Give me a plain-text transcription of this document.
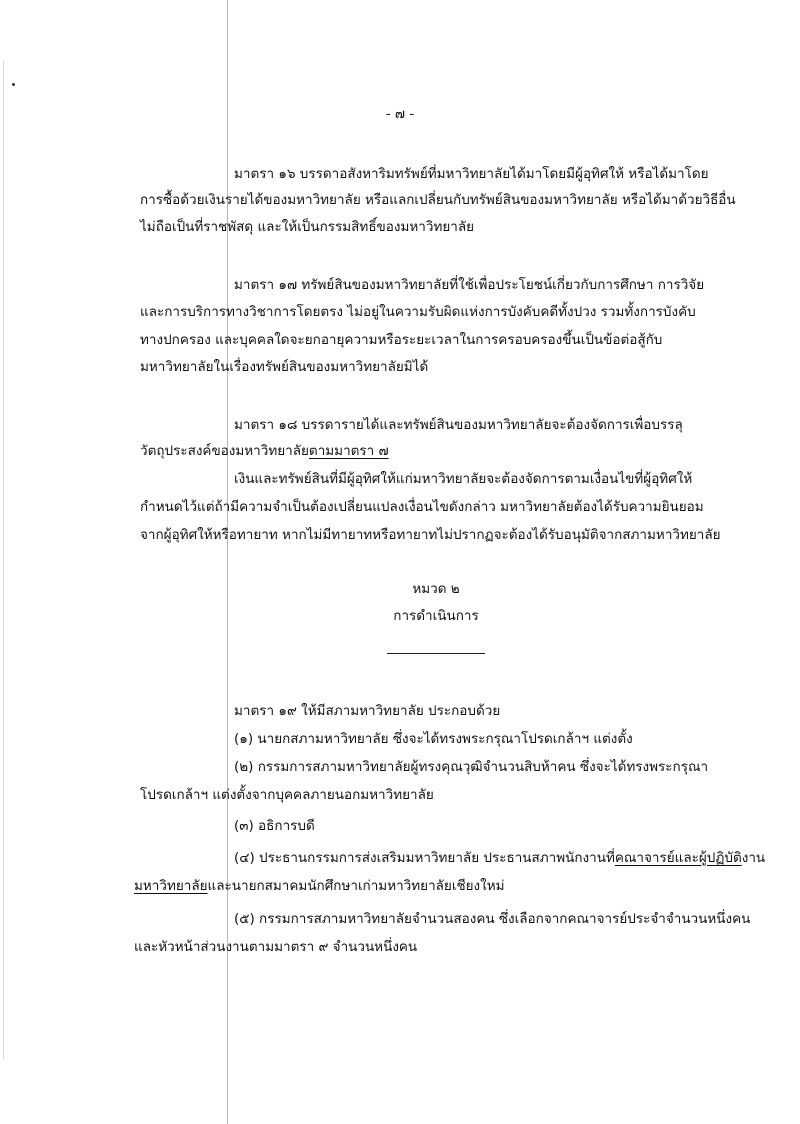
- ๗ -
มาตรา ๑๖ บรรดาอสังหาริมทรัพย์ที่มหาวิทยาลัยได้มาโดยมีผู้อุทิศให้ หรือได้มาโดย
การซื้อด้วยเงินรายได้ของมหาวิทยาลัย หรือแลกเปลี่ยนกับทรัพย์สินของมหาวิทยาลัย หรือได้มาด้วยวิธีอื่น
ไม่ถือเป็นที่ราชพัสดุ และให้เป็นกรรมสิทธิ์ของมหาวิทยาลัย
มาตรา ๑๗ ทรัพย์สินของมหาวิทยาลัยที่ใช้เพื่อประโยชน์เกี่ยวกับการศึกษา การวิจัย
และการบริการทางวิชาการโดยตรง ไม่อยู่ในความรับผิดแห่งการบังคับคดีทั้งปวง รวมทั้งการบังคับ
ทางปกครอง และบุคคลใดจะยกอายุความหรือระยะเวลาในการครอบครองขึ้นเป็นข้อต่อสู้กับ
มหาวิทยาลัยในเรื่องทรัพย์สินของมหาวิทยาลัยมิได้
มาตรา ๑๘ บรรดารายได้และทรัพย์สินของมหาวิทยาลัยจะต้องจัดการเพื่อบรรลุ
วัตถุประสงค์ของมหาวิทยาลัยตามมาตรา ๗
เงินและทรัพย์สินที่มีผู้อุทิศให้แก่มหาวิทยาลัยจะต้องจัดการตามเงื่อนไขที่ผู้อุทิศให้
กำหนดไว้แต่ถ้ามีความจำเป็นต้องเปลี่ยนแปลงเงื่อนไขดังกล่าว มหาวิทยาลัยต้องได้รับความยินยอม
จากผู้อุทิศให้หรือทายาท หากไม่มีทายาทหรือทายาทไม่ปรากฏจะต้องได้รับอนุมัติจากสภามหาวิทยาลัย
หมวด ๒
การดำเนินการ
มาตรา ๑๙ ให้มีสภามหาวิทยาลัย ประกอบด้วย
(๑) นายกสภามหาวิทยาลัย ซึ่งจะได้ทรงพระกรุณาโปรดเกล้าฯ แต่งตั้ง
(๒) กรรมการสภามหาวิทยาลัยผู้ทรงคุณวุฒิจำนวนสิบห้าคน ซึ่งจะได้ทรงพระกรุณา
โปรดเกล้าฯ แต่งตั้งจากบุคคลภายนอกมหาวิทยาลัย
(๓) อธิการบดี
(๔) ประธานกรรมการส่งเสริมมหาวิทยาลัย ประธานสภาพนักงานที่คณาจารย์และผู้ปฏิบัติงาน
มหาวิทยาลัยและนายกสมาคมนักศึกษาเก่ามหาวิทยาลัยเชียงใหม่
(๕) กรรมการสภามหาวิทยาลัยจำนวนสองคน ซึ่งเลือกจากคณาจารย์ประจำจำนวนหนึ่งคน
และหัวหน้าส่วนงานตามมาตรา ๙ จำนวนหนึ่งคน
